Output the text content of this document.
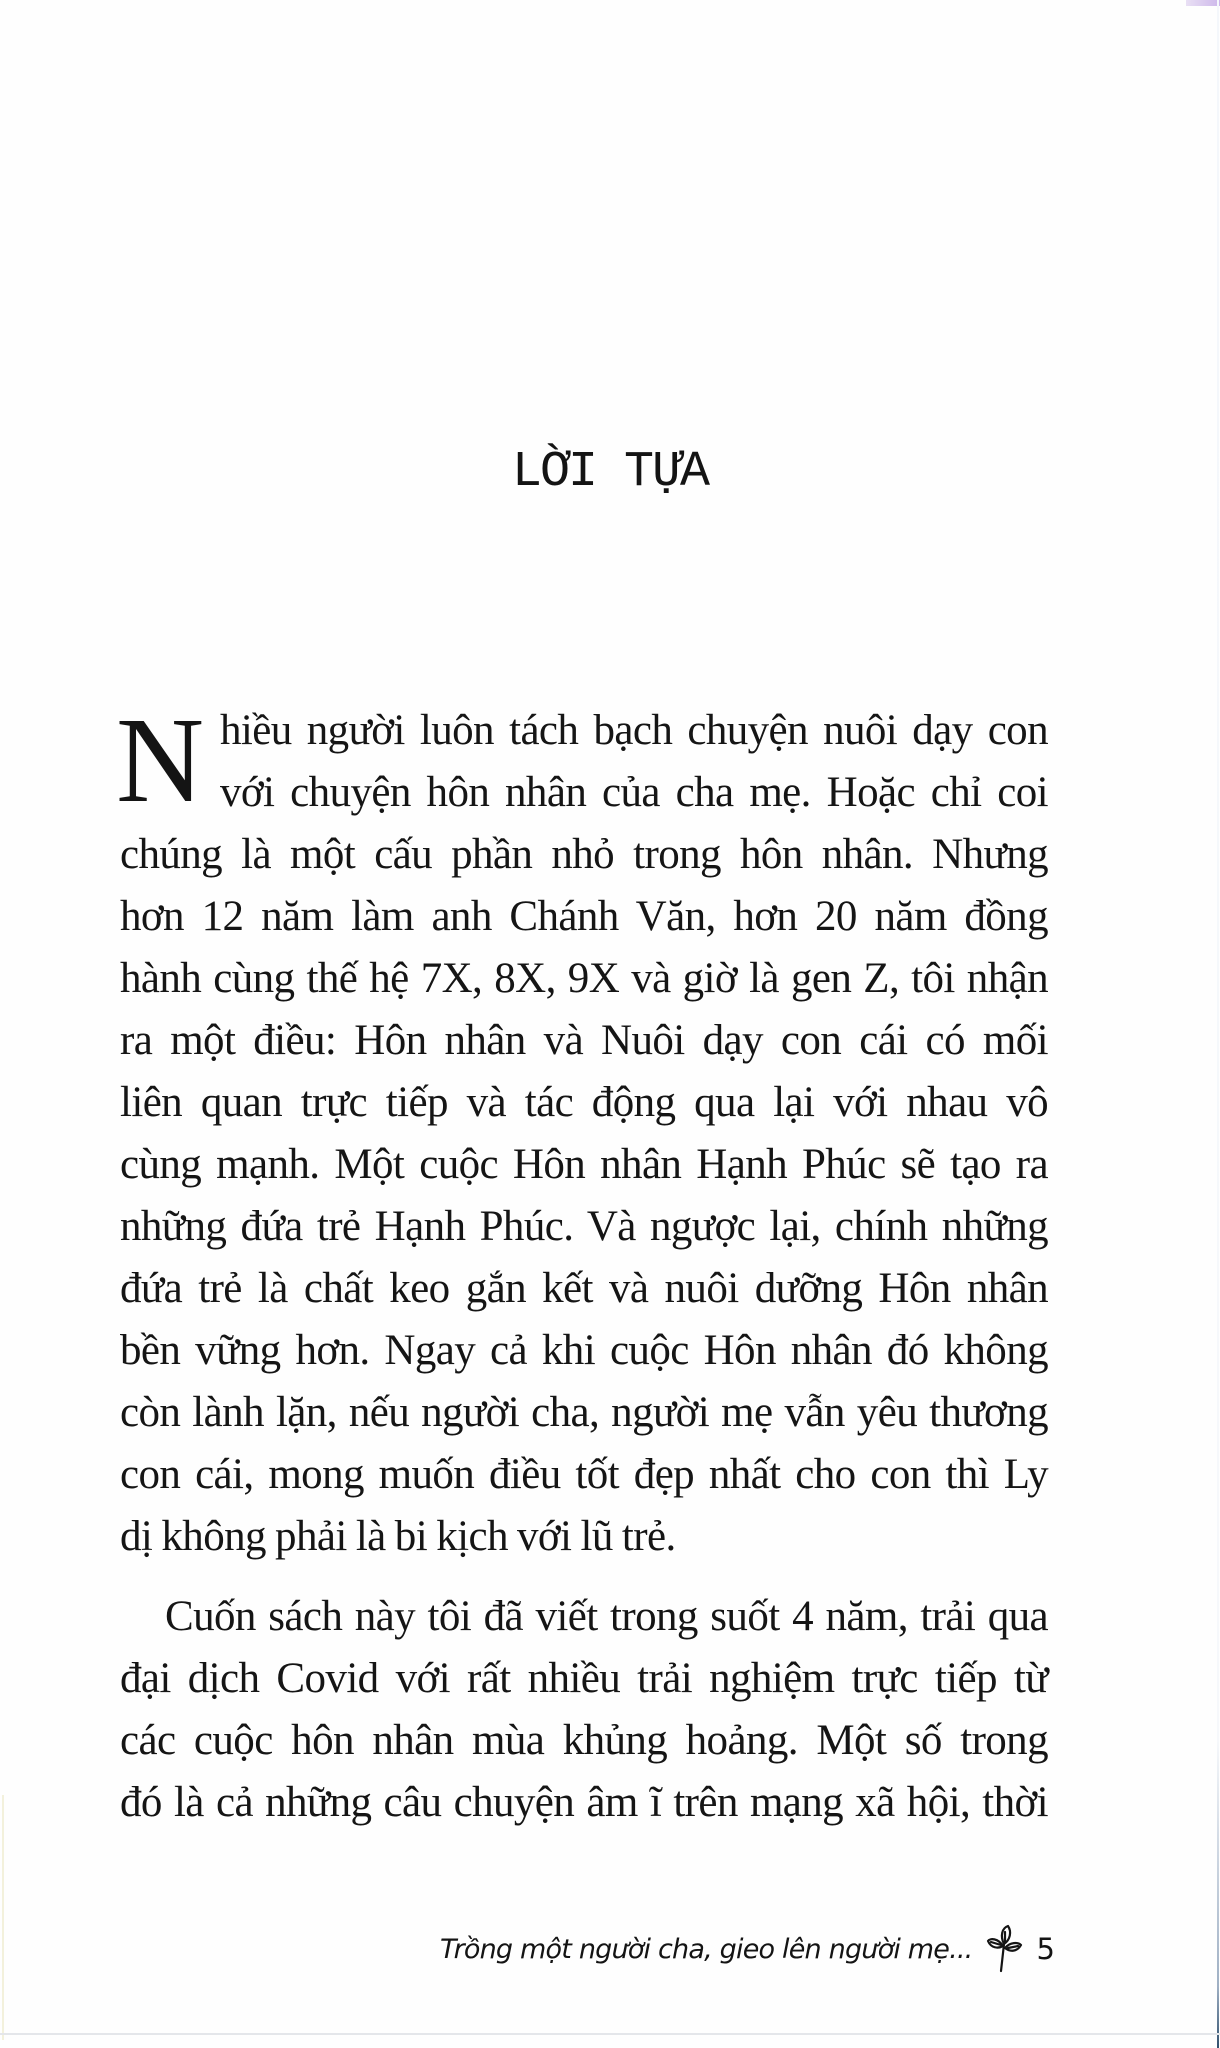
LỜI TỰA
N hiều người luôn tách bạch chuyện nuôi dạy con
với chuyện hôn nhân của cha mẹ. Hoặc chỉ coi
chúng là một cấu phần nhỏ trong hôn nhân. Nhưng
hơn 12 năm làm anh Chánh Văn, hơn 20 năm đồng
hành cùng thế hệ 7X, 8X, 9X và giờ là gen Z, tôi nhận
ra một điều: Hôn nhân và Nuôi dạy con cái có mối
liên quan trực tiếp và tác động qua lại với nhau vô
cùng mạnh. Một cuộc Hôn nhân Hạnh Phúc sẽ tạo ra
những đứa trẻ Hạnh Phúc. Và ngược lại, chính những
đứa trẻ là chất keo gắn kết và nuôi dưỡng Hôn nhân
bền vững hơn. Ngay cả khi cuộc Hôn nhân đó không
còn lành lặn, nếu người cha, người mẹ vẫn yêu thương
con cái, mong muốn điều tốt đẹp nhất cho con thì Ly
dị không phải là bi kịch với lũ trẻ.
Cuốn sách này tôi đã viết trong suốt 4 năm, trải qua
đại dịch Covid với rất nhiều trải nghiệm trực tiếp từ
các cuộc hôn nhân mùa khủng hoảng. Một số trong
đó là cả những câu chuyện âm ĩ trên mạng xã hội, thời
Trồng một người cha, gieo lên người mẹ... 5
